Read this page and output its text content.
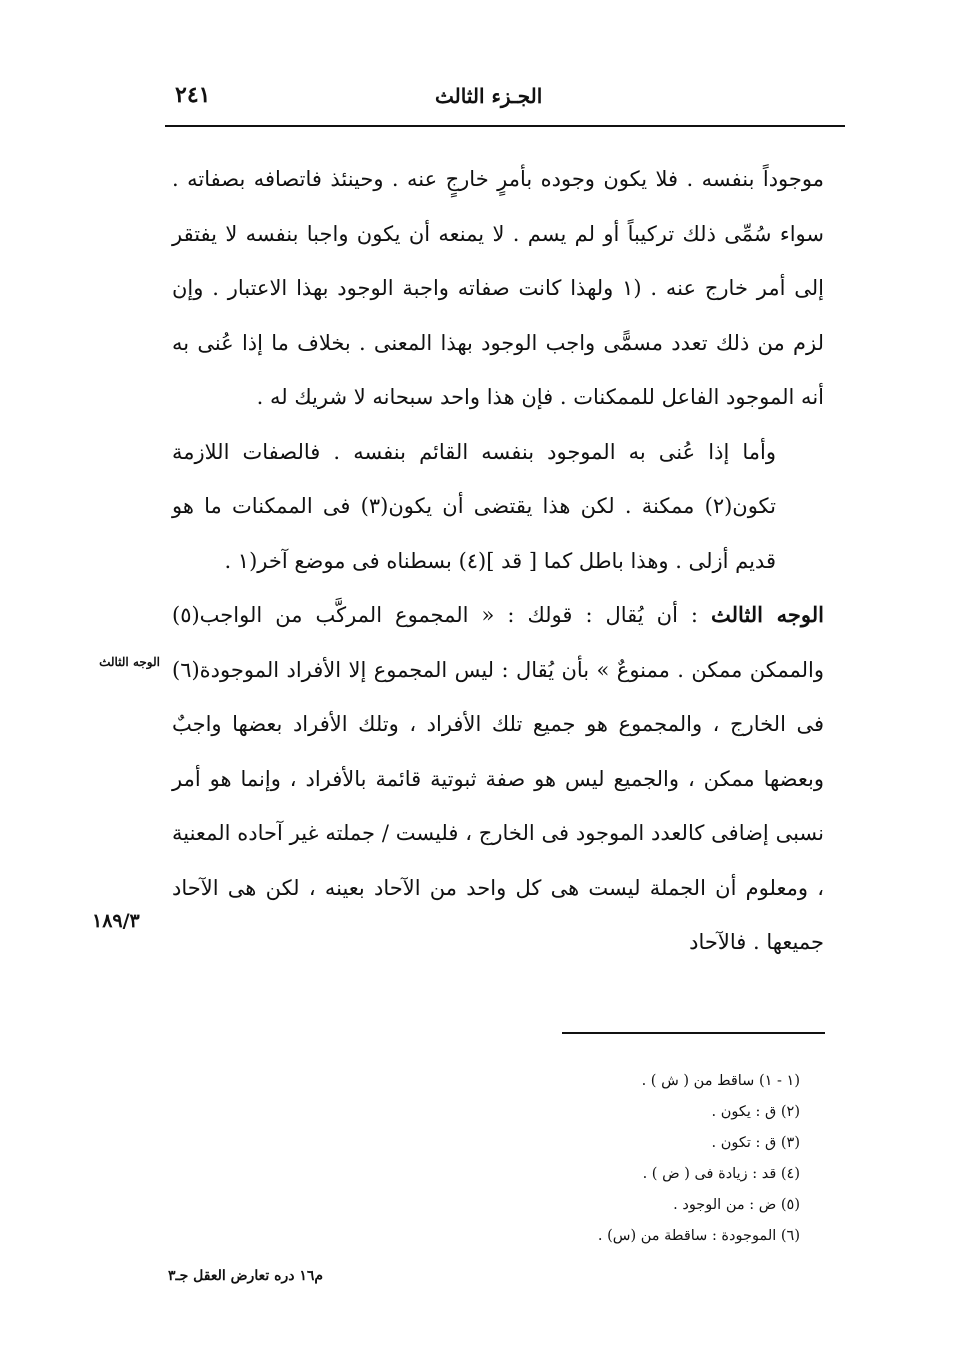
٢٤١	الجـزء الثالث

موجوداً بنفسه . فلا يكون وجوده بأمرٍ خارجٍ عنه . وحينئذ فاتصافه بصفاته . سواء سُمِّى ذلك تركيباً أو لم يسم . لا يمنعه أن يكون واجبا بنفسه لا يفتقر إلى أمر خارج عنه . (١ ولهذا كانت صفاته واجبة الوجود بهذا الاعتبار . وإن لزم من ذلك تعدد مسمًّى واجب الوجود بهذا المعنى . بخلاف ما إذا عُنى به أنه الموجود الفاعل للممكنات . فإن هذا واحد سبحانه لا شريك له .

وأما إذا عُنى به الموجود بنفسه القائم بنفسه . فالصفات اللازمة تكون(٢) ممكنة . لكن هذا يقتضى أن يكون(٣) فى الممكنات ما هو قديم أزلى . وهذا باطل كما [ قد ](٤) بسطناه فى موضع آخر(١ .

الوجه الثالث : أن يُقال : قولك : « المجموع المركَّب من الواجب(٥) والممكن ممكن . ممنوعٌ » بأن يُقال : ليس المجموع إلا الأفراد الموجودة(٦) فى الخارج ، والمجموع هو جميع تلك الأفراد ، وتلك الأفراد بعضها واجبٌ وبعضها ممكن ، والجميع ليس هو صفة ثبوتية قائمة بالأفراد ، وإنما هو أمر نسبى إضافى كالعدد الموجود فى الخارج ، فليست / جملته غير آحاده المعنية ، ومعلوم أن الجملة ليست هى كل واحد من الآحاد بعينه ، لكن هى الآحاد جميعها . فالآحاد

الوجه الثالث
١٨٩/٣
(١ - ١) ساقط من ( ش ) .
(٢) ق : يكون .
(٣) ق : تكون .
(٤) قد : زيادة فى ( ض ) .
(٥) ض : من الوجود .
(٦) الموجودة : ساقطة من (س) .
م١٦ دره تعارض العقل جـ٣
